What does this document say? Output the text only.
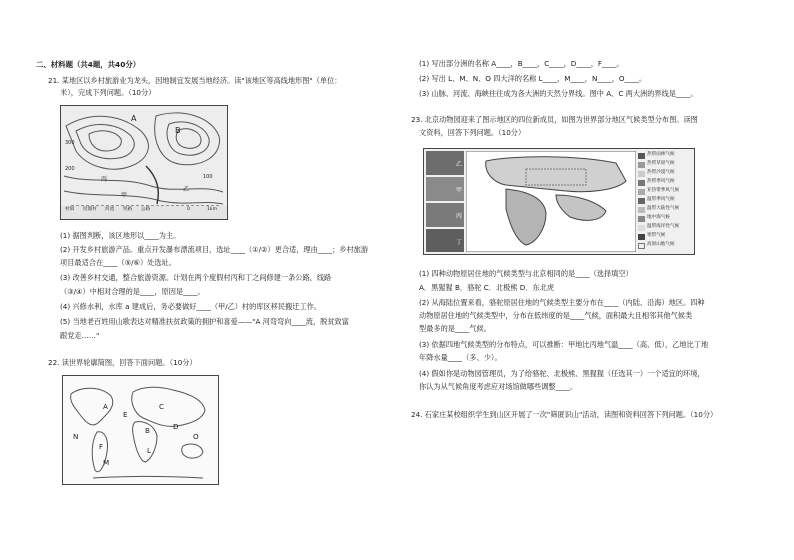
二、材料题（共4题，共40分）
21. 某地区以乡村旅游业为龙头，因地制宜发展当地经济。读"该地区等高线地形图"（单位：
米），完成下列问题。（10分）
A
B
300
200
100
丙
甲
乙
村镇 度假村 河流 铁路 公路	0	1km
(1) 据图判断，该区地形以____为主。
(2) 开发乡村旅游产品。重点开发瀑布漂流项目，选址____（①/②）更合适，理由____；乡村旅游
项目最适合在____（⑤/⑥）处选址。
(3) 改善乡村交通，整合旅游资源。计划在两个度假村丙和丁之间修建一条公路，线路
（③/④）中相对合理的是____，原因是____。
(4) 兴修水利，水库 a 建成后，务必要做好____（甲/乙）村的库区移民搬迁工作。
(5) 当地老百姓用山歌表达对精准扶贫政策的拥护和喜爱——"A 河弯弯向____流，脱贫致富
跟党走……"
22. 读世界轮廓简图，回答下面问题。（10分）
A
B
C
D
E
F	L
M
N	O
(1) 写出部分洲的名称 A____，B____，C____，D____，F____。
(2) 写出 L、M、N、O 四大洋的名称 L____，M____，N____，O____。
(3) 山脉、河流、海峡往往成为各大洲的天然分界线。图中 A、C 两大洲的界线是____。
23. 北京动物园迎来了图示地区的四位新成员，如图为世界部分地区气候类型分布图。读图
文资料，回答下列问题。（10分）
乙
甲
丙
丁
热带雨林气候
热带草原气候
热带沙漠气候
热带季风气候
亚热带季风气候
温带季风气候
温带大陆性气候
地中海气候
温带海洋性气候
寒带气候
高原山地气候
(1) 四种动物原居住地的气候类型与北京相同的是____（选择填空）
A．黑猩猩 B．骆驼 C．北极熊 D．东北虎
(2) 从海陆位置来看，骆驼原居住地的气候类型主要分布在____（内陆、沿海）地区。四种
动物原居住地的气候类型中，分布在低纬度的是____气候，面积最大且相邻其他气候类
型最多的是____气候。
(3) 依据四地气候类型的分布特点，可以推断：甲地比丙地气温____（高、低），乙地比丁地
年降水量____（多、少）。
(4) 假如你是动物园管理员，为了给骆驼、北极熊、黑猩猩（任选其一）一个适宜的环境，
你认为从气候角度考虑应对场馆做哪些调整____。
24. 石家庄某校组织学生到山区开展了一次"筛匿识山"活动，读图和资料回答下列问题。（10分）
